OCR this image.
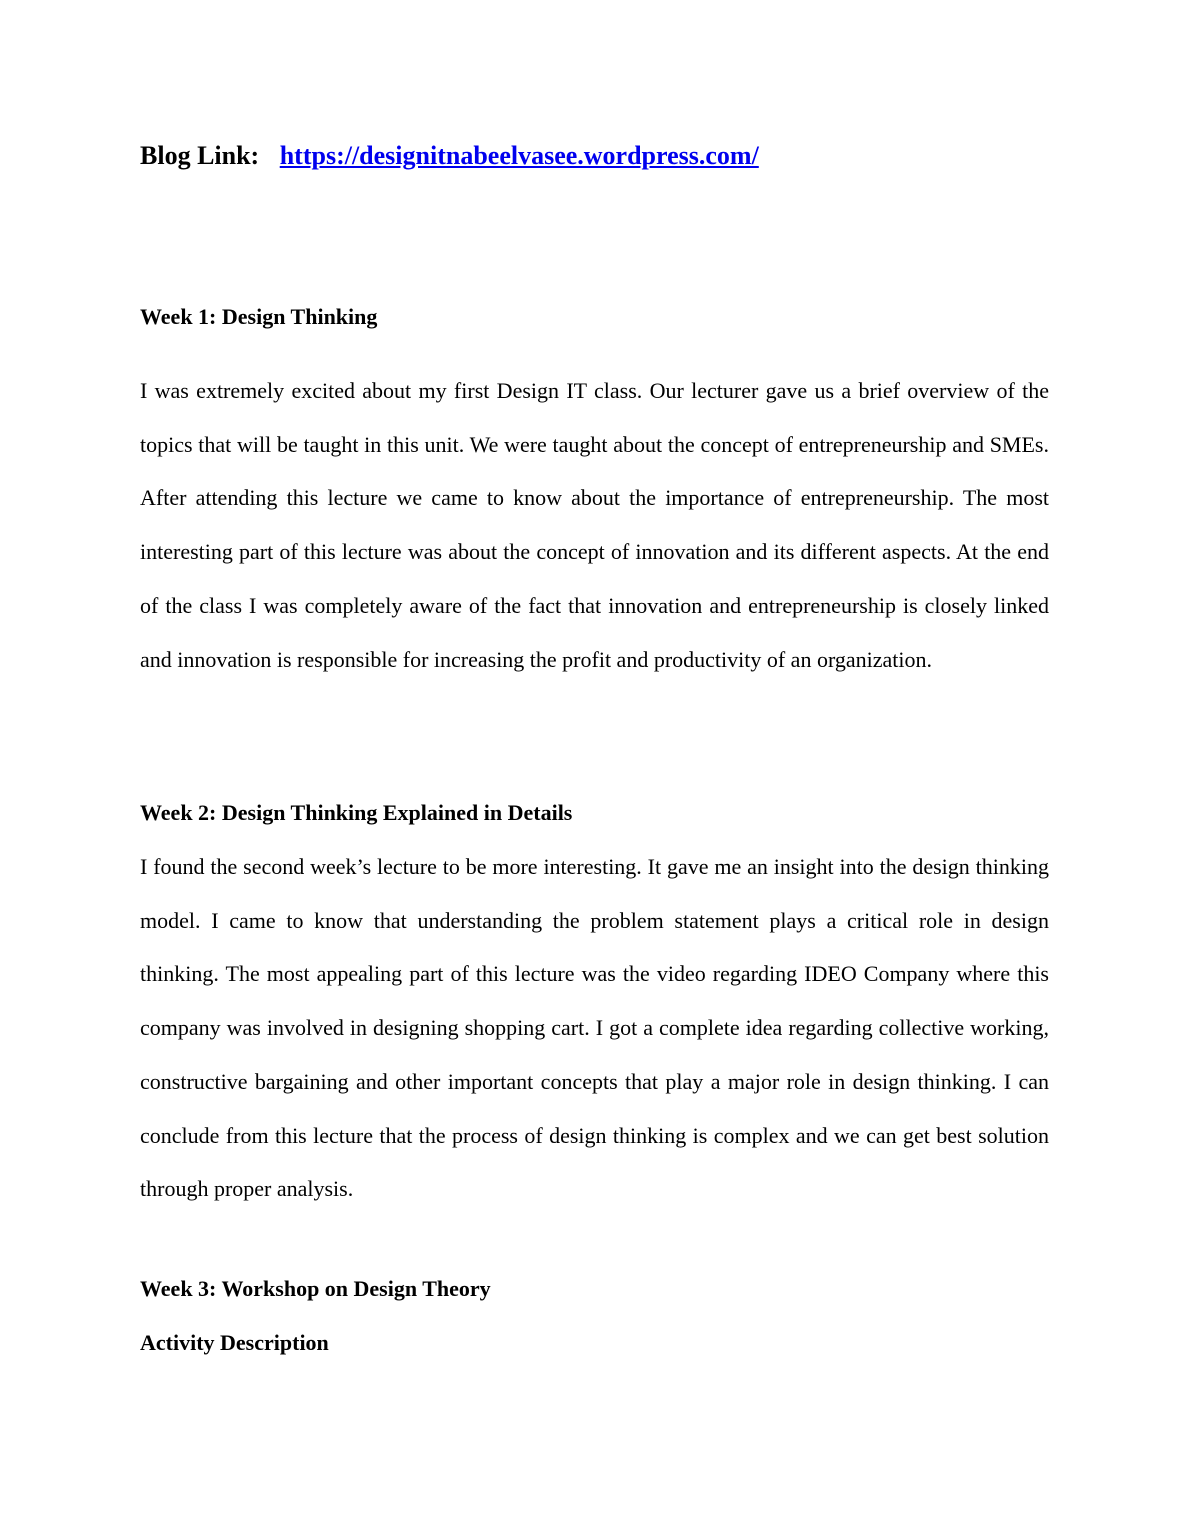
Blog Link: https://designitnabeelvasee.wordpress.com/
Week 1: Design Thinking

I was extremely excited about my first Design IT class. Our lecturer gave us a brief overview of the topics that will be taught in this unit. We were taught about the concept of entrepreneurship and SMEs. After attending this lecture we came to know about the importance of entrepreneurship. The most interesting part of this lecture was about the concept of innovation and its different aspects. At the end of the class I was completely aware of the fact that innovation and entrepreneurship is closely linked and innovation is responsible for increasing the profit and productivity of an organization.

Week 2: Design Thinking Explained in Details

I found the second week’s lecture to be more interesting. It gave me an insight into the design thinking model. I came to know that understanding the problem statement plays a critical role in design thinking. The most appealing part of this lecture was the video regarding IDEO Company where this company was involved in designing shopping cart. I got a complete idea regarding collective working, constructive bargaining and other important concepts that play a major role in design thinking. I can conclude from this lecture that the process of design thinking is complex and we can get best solution through proper analysis.

Week 3: Workshop on Design Theory
Activity Description
